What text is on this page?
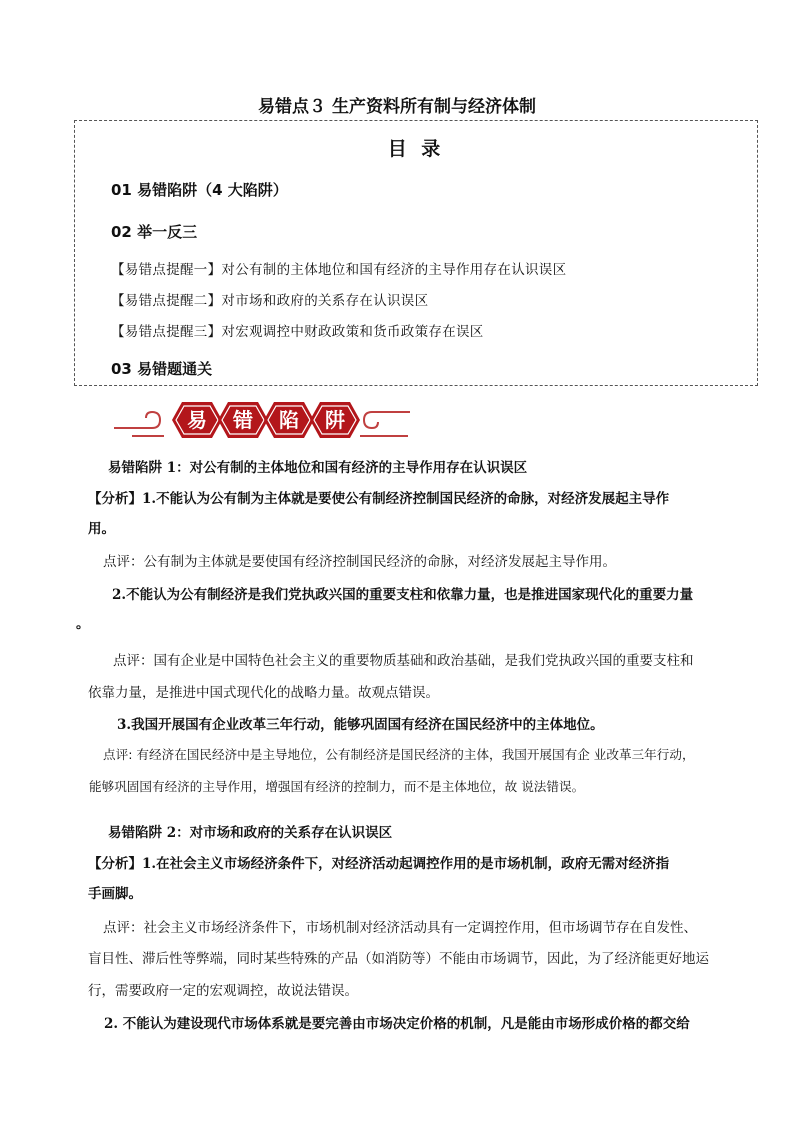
易错点３ 生产资料所有制与经济体制
目 录
01 易错陷阱（4 大陷阱）
02 举一反三
【易错点提醒一】对公有制的主体地位和国有经济的主导作用存在认识误区
【易错点提醒二】对市场和政府的关系存在认识误区
【易错点提醒三】对宏观调控中财政政策和货币政策存在误区
03 易错题通关
易 错 陷 阱
易错陷阱 1：对公有制的主体地位和国有经济的主导作用存在认识误区
【分析】1.不能认为公有制为主体就是要使公有制经济控制国民经济的命脉，对经济发展起主导作
用。
点评：公有制为主体就是要使国有经济控制国民经济的命脉，对经济发展起主导作用。
2.不能认为公有制经济是我们党执政兴国的重要支柱和依靠力量，也是推进国家现代化的重要力量
。
点评：国有企业是中国特色社会主义的重要物质基础和政治基础，是我们党执政兴国的重要支柱和
依靠力量，是推进中国式现代化的战略力量。故观点错误。
3.我国开展国有企业改革三年行动，能够巩固国有经济在国民经济中的主体地位。
点评: 有经济在国民经济中是主导地位，公有制经济是国民经济的主体，我国开展国有企 业改革三年行动，
能够巩固国有经济的主导作用，增强国有经济的控制力，而不是主体地位，故 说法错误。
易错陷阱 2：对市场和政府的关系存在认识误区
【分析】1.在社会主义市场经济条件下，对经济活动起调控作用的是市场机制，政府无需对经济指
手画脚。
点评：社会主义市场经济条件下，市场机制对经济活动具有一定调控作用，但市场调节存在自发性、
盲目性、滞后性等弊端，同时某些特殊的产品（如消防等）不能由市场调节，因此，为了经济能更好地运
行，需要政府一定的宏观调控，故说法错误。
2. 不能认为建设现代市场体系就是要完善由市场决定价格的机制，凡是能由市场形成价格的都交给
